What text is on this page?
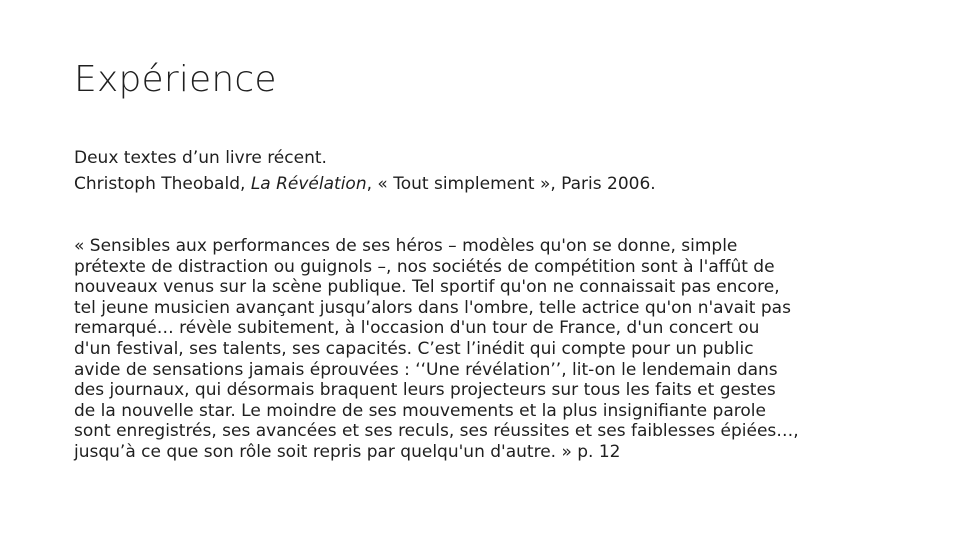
Expérience
Deux textes d’un livre récent.
Christoph Theobald, La Révélation, « Tout simplement », Paris 2006.
« Sensibles aux performances de ses héros – modèles qu'on se donne, simple
prétexte de distraction ou guignols –, nos sociétés de compétition sont à l'affût de
nouveaux venus sur la scène publique. Tel sportif qu'on ne connaissait pas encore,
tel jeune musicien avançant jusqu’alors dans l'ombre, telle actrice qu'on n'avait pas
remarqué… révèle subitement, à l'occasion d'un tour de France, d'un concert ou
d'un festival, ses talents, ses capacités. C’est l’inédit qui compte pour un public
avide de sensations jamais éprouvées : ‘‘Une révélation’’, lit-on le lendemain dans
des journaux, qui désormais braquent leurs projecteurs sur tous les faits et gestes
de la nouvelle star. Le moindre de ses mouvements et la plus insignifiante parole
sont enregistrés, ses avancées et ses reculs, ses réussites et ses faiblesses épiées…,
jusqu’à ce que son rôle soit repris par quelqu'un d'autre. » p. 12
